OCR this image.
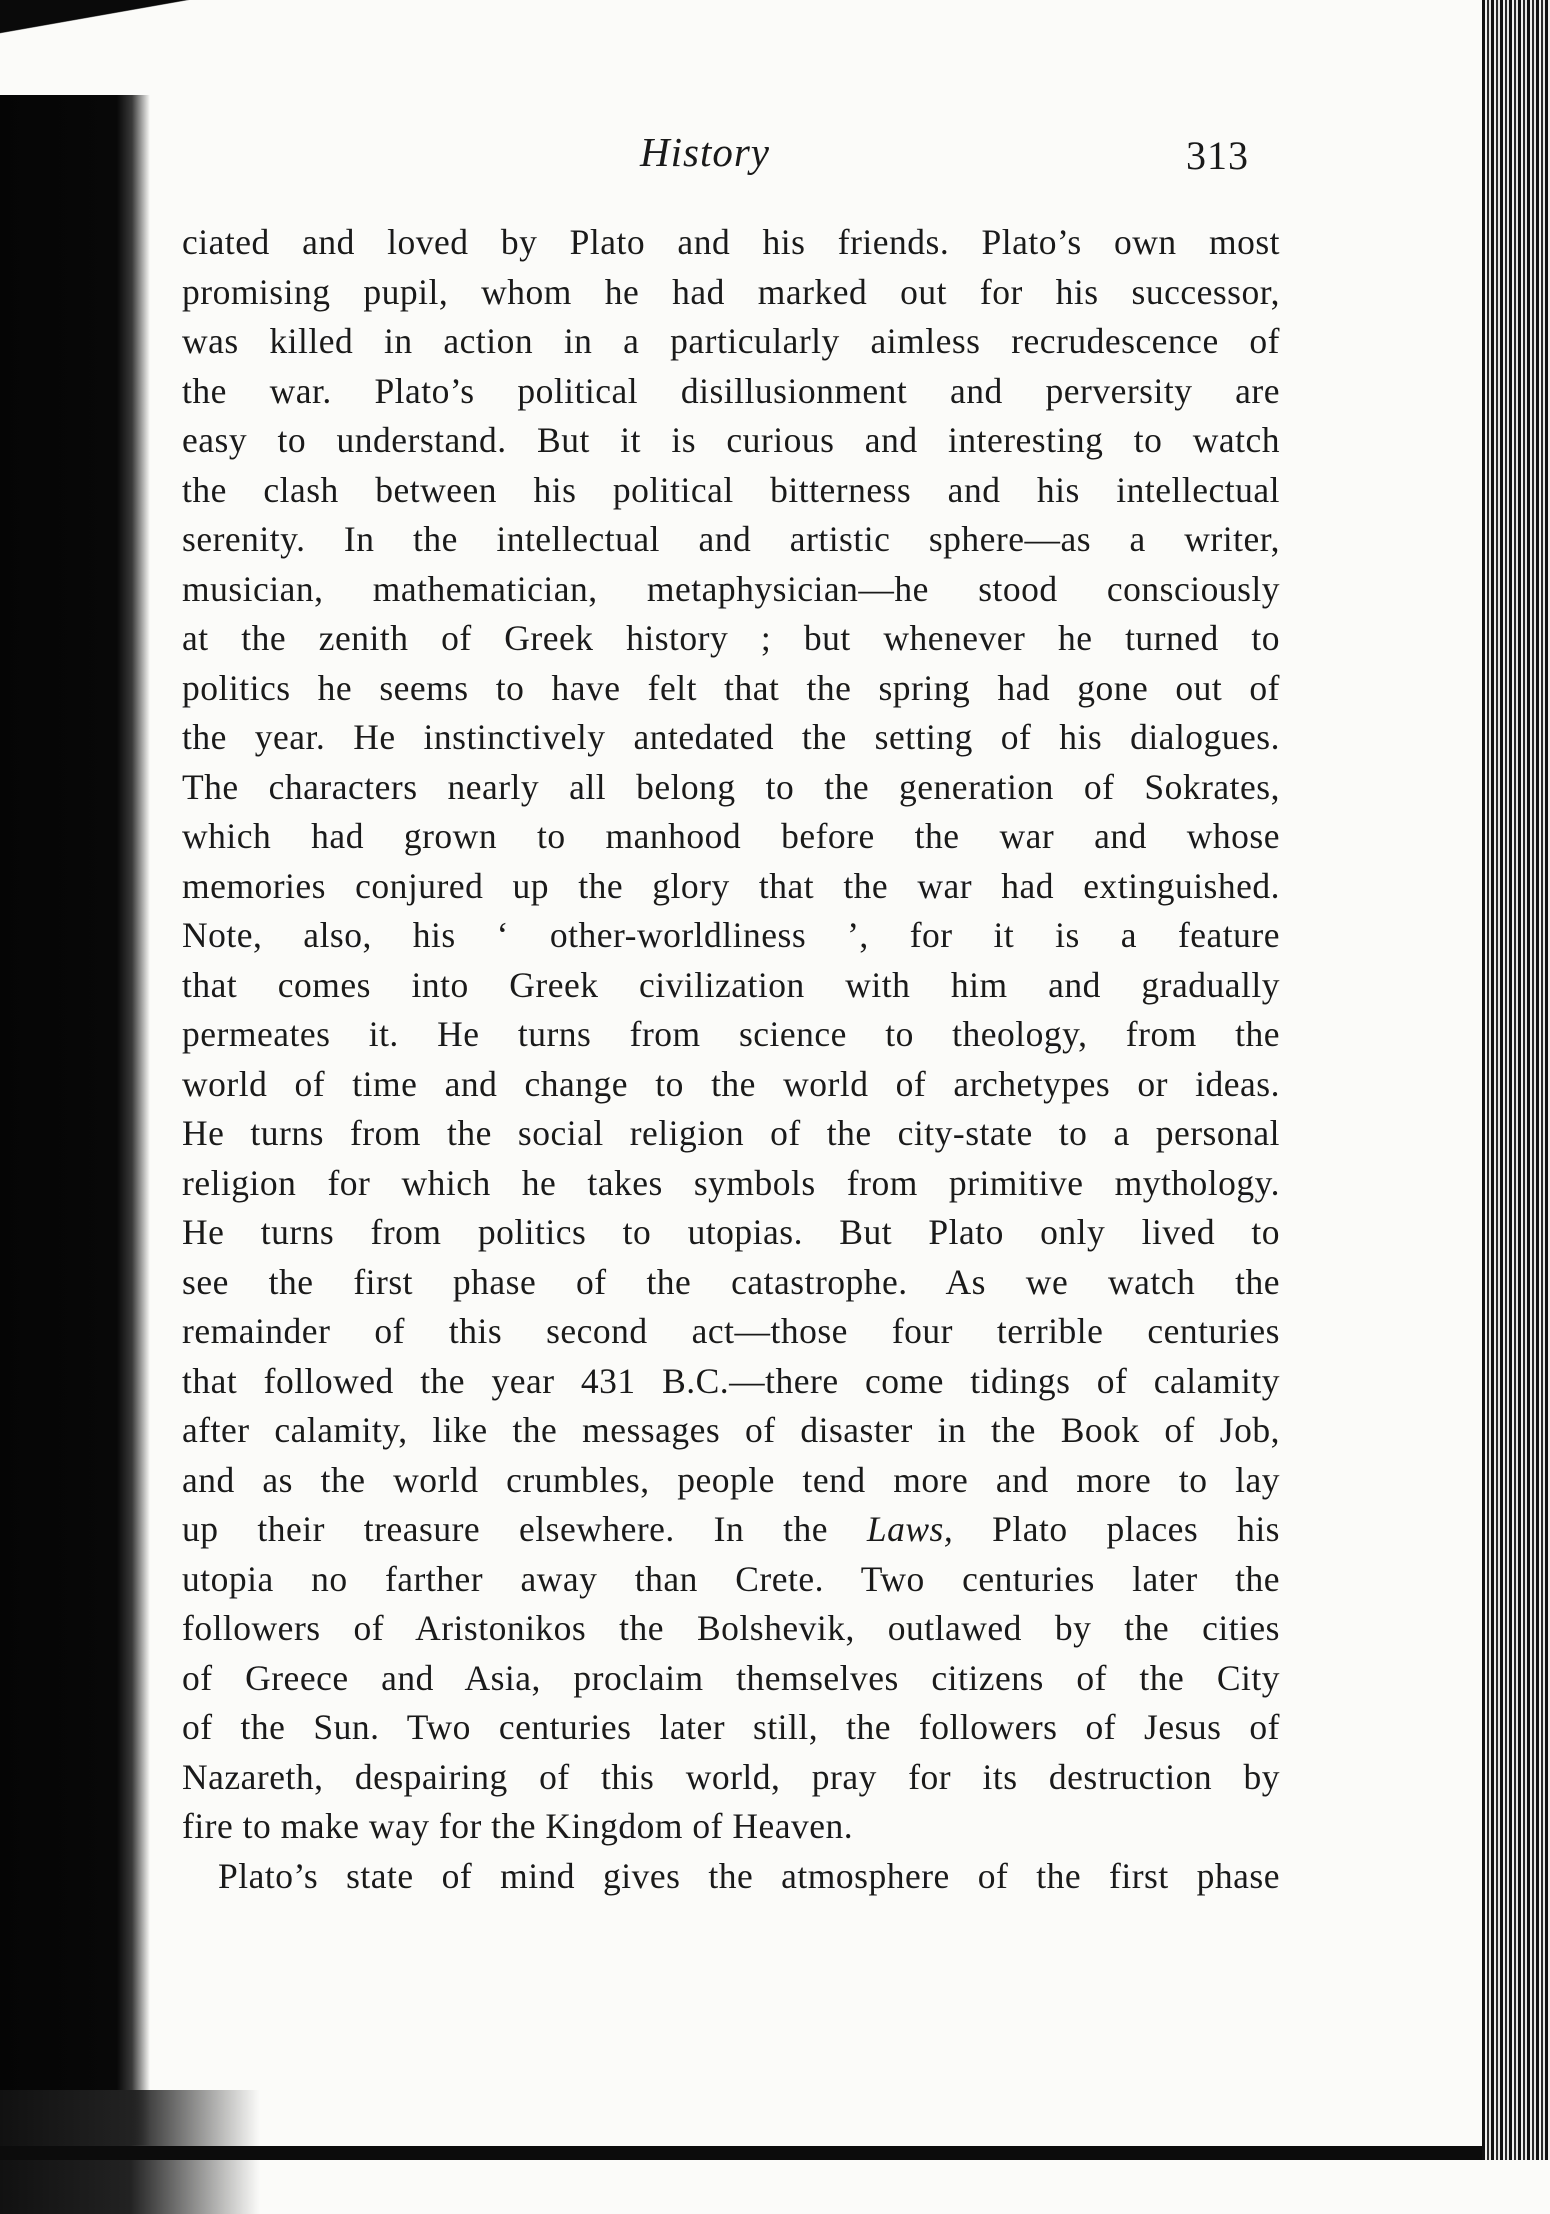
History	313
ciated and loved by Plato and his friends. Plato’s own most
promising pupil, whom he had marked out for his successor,
was killed in action in a particularly aimless recrudescence of
the war. Plato’s political disillusionment and perversity are
easy to understand. But it is curious and interesting to watch
the clash between his political bitterness and his intellectual
serenity. In the intellectual and artistic sphere—as a writer,
musician, mathematician, metaphysician—he stood consciously
at the zenith of Greek history ; but whenever he turned to
politics he seems to have felt that the spring had gone out of
the year. He instinctively antedated the setting of his dialogues.
The characters nearly all belong to the generation of Sokrates,
which had grown to manhood before the war and whose
memories conjured up the glory that the war had extinguished.
Note, also, his ‘ other-worldliness ’, for it is a feature
that comes into Greek civilization with him and gradually
permeates it. He turns from science to theology, from the
world of time and change to the world of archetypes or ideas.
He turns from the social religion of the city-state to a personal
religion for which he takes symbols from primitive mythology.
He turns from politics to utopias. But Plato only lived to
see the first phase of the catastrophe. As we watch the
remainder of this second act—those four terrible centuries
that followed the year 431 B.C.—there come tidings of calamity
after calamity, like the messages of disaster in the Book of Job,
and as the world crumbles, people tend more and more to lay
up their treasure elsewhere. In the Laws, Plato places his
utopia no farther away than Crete. Two centuries later the
followers of Aristonikos the Bolshevik, outlawed by the cities
of Greece and Asia, proclaim themselves citizens of the City
of the Sun. Two centuries later still, the followers of Jesus of
Nazareth, despairing of this world, pray for its destruction by
fire to make way for the Kingdom of Heaven.
Plato’s state of mind gives the atmosphere of the first phase
